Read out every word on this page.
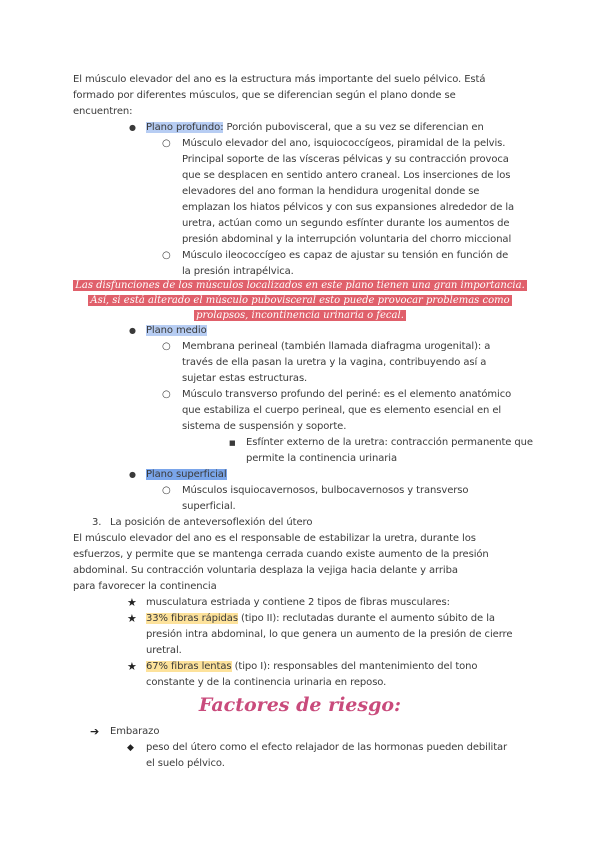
El músculo elevador del ano es la estructura más importante del suelo pélvico. Está
formado por diferentes músculos, que se diferencian según el plano donde se
encuentren:
● Plano profundo: Porción pubovisceral, que a su vez se diferencian en
○ Músculo elevador del ano, isquiococcígeos, piramidal de la pelvis.
Principal soporte de las vísceras pélvicas y su contracción provoca
que se desplacen en sentido antero craneal. Los inserciones de los
elevadores del ano forman la hendidura urogenital donde se
emplazan los hiatos pélvicos y con sus expansiones alrededor de la
uretra, actúan como un segundo esfínter durante los aumentos de
presión abdominal y la interrupción voluntaria del chorro miccional
○ Músculo ileococcígeo es capaz de ajustar su tensión en función de
la presión intrapélvica.
Las disfunciones de los músculos localizados en este plano tienen una gran importancia.
Así, si está alterado el músculo pubovisceral esto puede provocar problemas como
prolapsos, incontinencia urinaria o fecal.
● Plano medio
○ Membrana perineal (también llamada diafragma urogenital): a
través de ella pasan la uretra y la vagina, contribuyendo así a
sujetar estas estructuras.
○ Músculo transverso profundo del periné: es el elemento anatómico
que estabiliza el cuerpo perineal, que es elemento esencial en el
sistema de suspensión y soporte.
■ Esfínter externo de la uretra: contracción permanente que
permite la continencia urinaria
● Plano superficial
○ Músculos isquiocavernosos, bulbocavernosos y transverso
superficial.
3. La posición de anteversoflexión del útero
El músculo elevador del ano es el responsable de estabilizar la uretra, durante los
esfuerzos, y permite que se mantenga cerrada cuando existe aumento de la presión
abdominal. Su contracción voluntaria desplaza la vejiga hacia delante y arriba
para favorecer la continencia
★ musculatura estriada y contiene 2 tipos de fibras musculares:
★ 33% fibras rápidas (tipo II): reclutadas durante el aumento súbito de la
presión intra abdominal, lo que genera un aumento de la presión de cierre
uretral.
★ 67% fibras lentas (tipo I): responsables del mantenimiento del tono
constante y de la continencia urinaria en reposo.
Factores de riesgo:
➔ Embarazo
◆ peso del útero como el efecto relajador de las hormonas pueden debilitar
el suelo pélvico.
